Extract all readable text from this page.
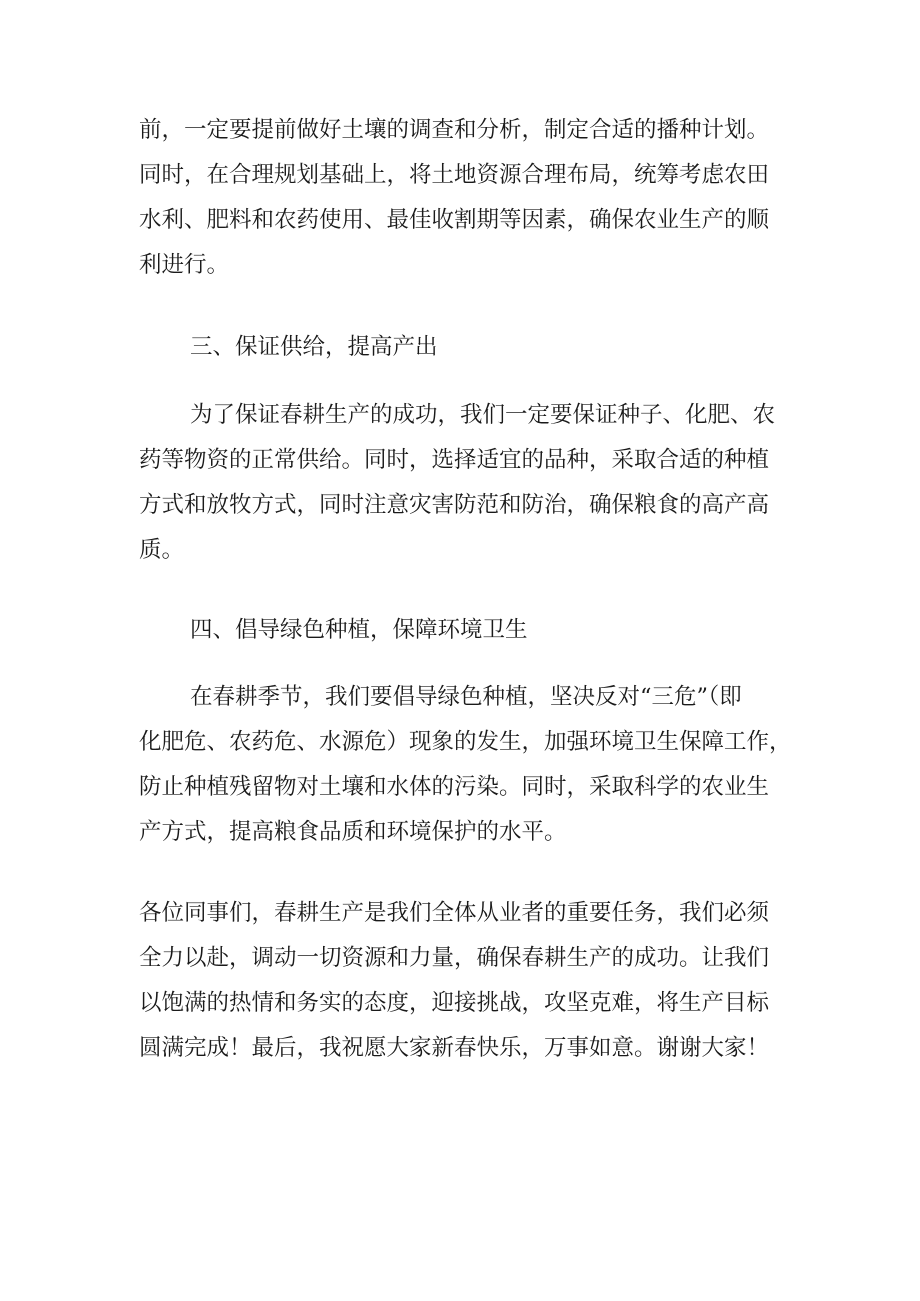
前，一定要提前做好土壤的调查和分析，制定合适的播种计划。

同时，在合理规划基础上，将土地资源合理布局，统筹考虑农田

水利、肥料和农药使用、最佳收割期等因素，确保农业生产的顺

利进行。

三、保证供给，提高产出

为了保证春耕生产的成功，我们一定要保证种子、化肥、农

药等物资的正常供给。同时，选择适宜的品种，采取合适的种植

方式和放牧方式，同时注意灾害防范和防治，确保粮食的高产高

质。

四、倡导绿色种植，保障环境卫生

在春耕季节，我们要倡导绿色种植，坚决反对“三危”（即

化肥危、农药危、水源危）现象的发生，加强环境卫生保障工作，

防止种植残留物对土壤和水体的污染。同时，采取科学的农业生

产方式，提高粮食品质和环境保护的水平。

各位同事们，春耕生产是我们全体从业者的重要任务，我们必须

全力以赴，调动一切资源和力量，确保春耕生产的成功。让我们

以饱满的热情和务实的态度，迎接挑战，攻坚克难，将生产目标

圆满完成！最后，我祝愿大家新春快乐，万事如意。谢谢大家！
